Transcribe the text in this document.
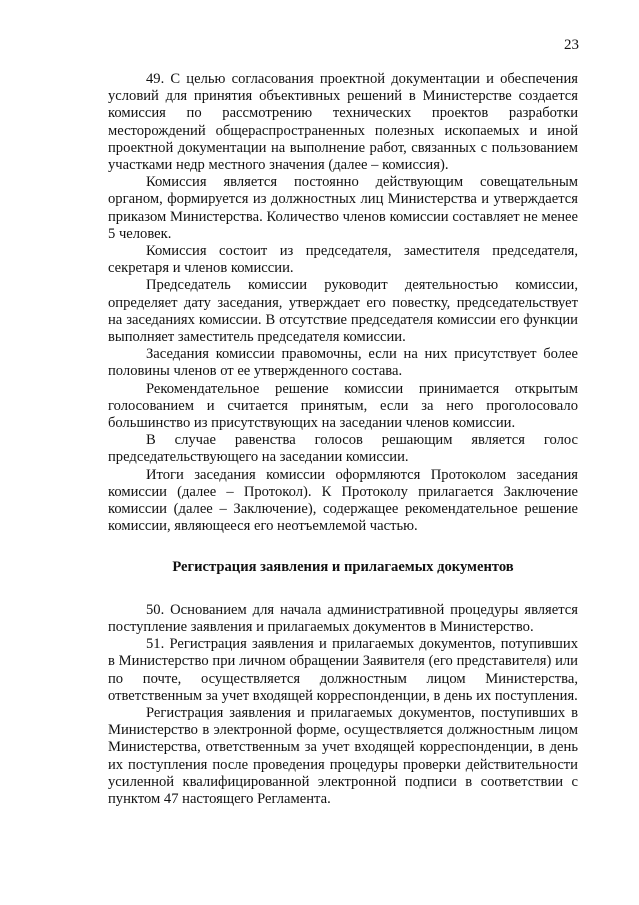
23

49. С целью согласования проектной документации и обеспечения условий для принятия объективных решений в Министерстве создается комиссия по рассмотрению технических проектов разработки месторождений общераспространенных полезных ископаемых и иной проектной документации на выполнение работ, связанных с пользованием участками недр местного значения (далее – комиссия).

Комиссия является постоянно действующим совещательным органом, формируется из должностных лиц Министерства и утверждается приказом Министерства. Количество членов комиссии составляет не менее 5 человек.

Комиссия состоит из председателя, заместителя председателя, секретаря и членов комиссии.

Председатель комиссии руководит деятельностью комиссии, определяет дату заседания, утверждает его повестку, председательствует на заседаниях комиссии. В отсутствие председателя комиссии его функции выполняет заместитель председателя комиссии.

Заседания комиссии правомочны, если на них присутствует более половины членов от ее утвержденного состава.

Рекомендательное решение комиссии принимается открытым голосованием и считается принятым, если за него проголосовало большинство из присутствующих на заседании членов комиссии.

В случае равенства голосов решающим является голос председательствующего на заседании комиссии.

Итоги заседания комиссии оформляются Протоколом заседания комиссии (далее – Протокол). К Протоколу прилагается Заключение комиссии (далее – Заключение), содержащее рекомендательное решение комиссии, являющееся его неотъемлемой частью.

Регистрация заявления и прилагаемых документов

50. Основанием для начала административной процедуры является поступление заявления и прилагаемых документов в Министерство.

51. Регистрация заявления и прилагаемых документов, потупивших в Министерство при личном обращении Заявителя (его представителя) или по почте, осуществляется должностным лицом Министерства, ответственным за учет входящей корреспонденции, в день их поступления.

Регистрация заявления и прилагаемых документов, поступивших в Министерство в электронной форме, осуществляется должностным лицом Министерства, ответственным за учет входящей корреспонденции, в день их поступления после проведения процедуры проверки действительности усиленной квалифицированной электронной подписи в соответствии с пунктом 47 настоящего Регламента.
